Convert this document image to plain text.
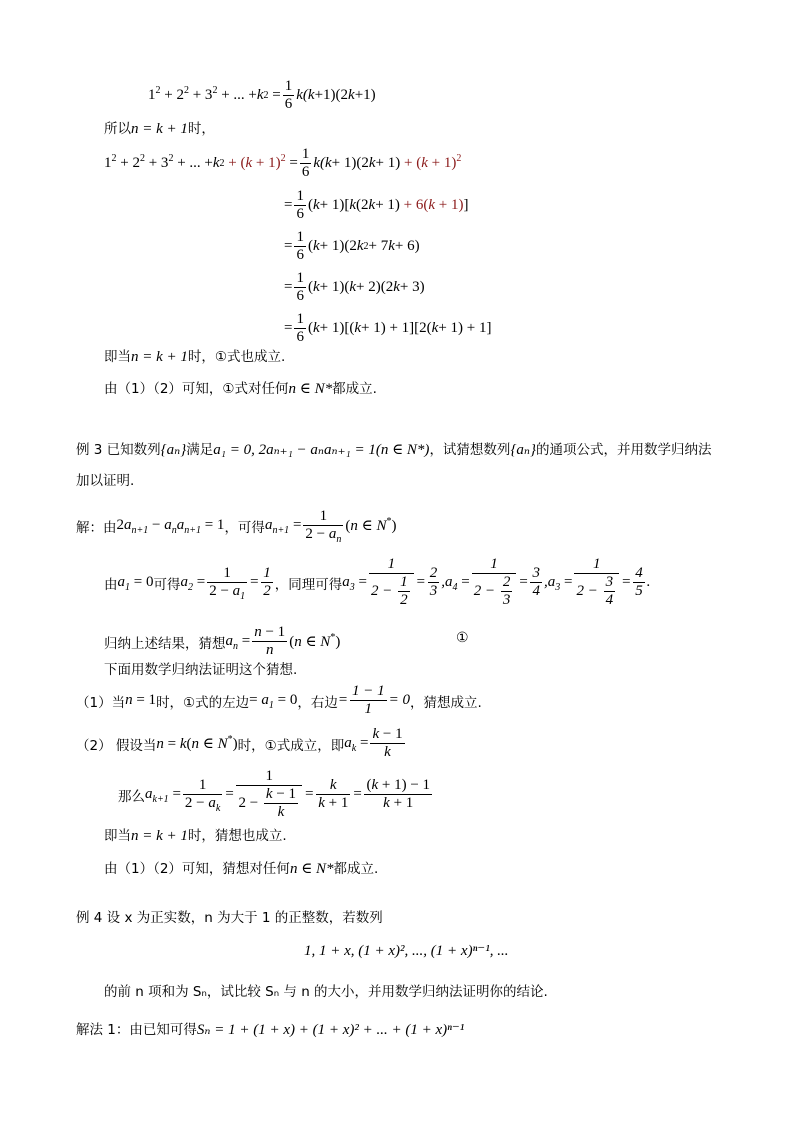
$1^2 + 2^2 + 3^2$ + ... + k 2
= $\frac{1}{6} k(k +1)(2$ k +1)
所以n = k + 1时，
$1^2 + 2^2 + 3^2$ + ... + k $2 + (k + 1)^2$
= $\frac{1}{6} k(k + 1)(2$ $k + 1) + (k + 1)^2$
= $\frac{1}{6}$ ( k + 1)[ k (2 k + 1) + 6(k + 1) ]
= $\frac{1}{6}$ ( k + 1)(2 k 2 + 7 k + 6)
= $\frac{1}{6}$ ( k + 1)( k + 2)(2 k + 3)
= $\frac{1}{6}$ ( k + 1)[( k + 1) + 1][2( k + 1) + 1]
即当n = k + 1时，①式也成立.
由（1）（2）可知，①式对任何n ∈ N*都成立.
例 3 已知数列{aₙ}满足a₁ = 0, 2aₙ₊₁ − aₙaₙ₊₁ = 1(n ∈ N*)，试猜想数列{aₙ}的通项公式，并用数学归纳法
加以证明.
解：由 $2a_{n+1} - a_na_{n+1} = 1$ ，可得 $a_{n+1} = \frac{1}{2 - a_n} (n$ ∈ N*)
由 $a_1 = 0$ 可得 $a_2 = \frac{1}{2 - a_1} = \frac{1}{2}$ ，同理可得 $a_3 = \frac{1}{2 - \frac{1}{2}} = \frac{2}{3} ,a_4 = \frac{1}{2 - \frac{2}{3}} = \frac{3}{4} ,a_3 = \frac{1}{2 - \frac{3}{4}} = \frac{4}{5}$ .
归纳上述结果，猜想 $a_n = \frac{n - 1}{n} (n$ ∈ N*)	①
下面用数学归纳法证明这个猜想.
（1）当 n = 1 时，①式的左边 = $a_1 = 0$ ，右边 = $\frac{1 - 1}{1} = 0$ ，猜想成立.
（2） 假设当 n = k(n ∈ N*) 时，①式成立，即 $a_k = \frac{k - 1}{k}$
那么 $a_{k+1} = \frac{1}{2 - a_k} = \frac{1}{2 - \frac{k - 1}{k}} = \frac{k}{k + 1} = \frac{(k + 1) - 1}{k + 1}$
即当n = k + 1时，猜想也成立.
由（1）（2）可知，猜想对任何n ∈ N*都成立.
例 4 设 x 为正实数，n 为大于 1 的正整数，若数列
1, 1 + x, (1 + x)², ..., (1 + x)ⁿ⁻¹, ...
的前 n 项和为 Sₙ，试比较 Sₙ 与 n 的大小，并用数学归纳法证明你的结论.
解法 1：由已知可得Sₙ = 1 + (1 + x) + (1 + x)² + ... + (1 + x)ⁿ⁻¹
